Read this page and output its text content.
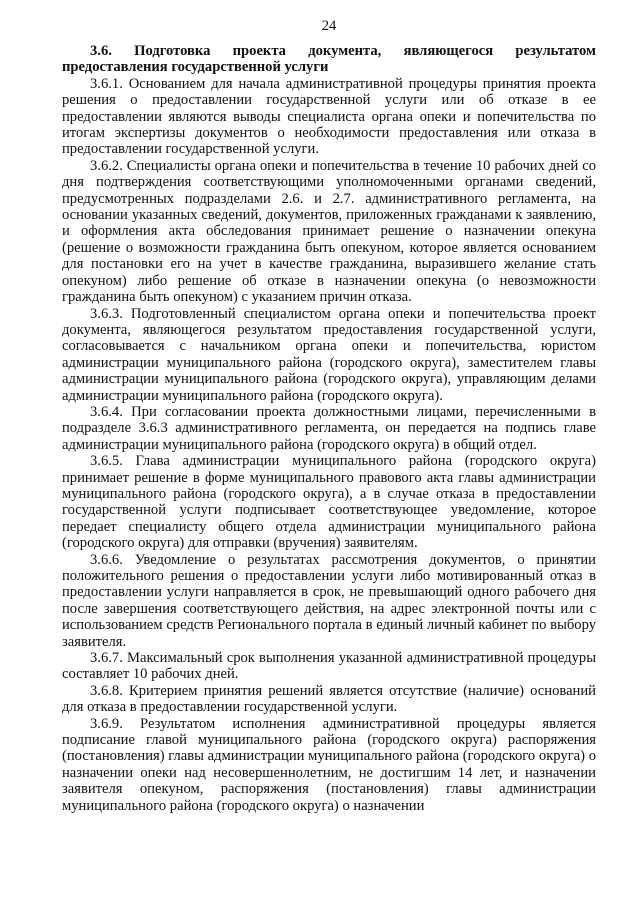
24

3.6. Подготовка проекта документа, являющегося результатом предоставления государственной услуги

3.6.1. Основанием для начала административной процедуры принятия проекта решения о предоставлении государственной услуги или об отказе в ее предоставлении являются выводы специалиста органа опеки и попечительства по итогам экспертизы документов о необходимости предоставления или отказа в предоставлении государственной услуги.

3.6.2. Специалисты органа опеки и попечительства в течение 10 рабочих дней со дня подтверждения соответствующими уполномоченными органами сведений, предусмотренных подразделами 2.6. и 2.7. административного регламента, на основании указанных сведений, документов, приложенных гражданами к заявлению, и оформления акта обследования принимает решение о назначении опекуна (решение о возможности гражданина быть опекуном, которое является основанием для постановки его на учет в качестве гражданина, выразившего желание стать опекуном) либо решение об отказе в назначении опекуна (о невозможности гражданина быть опекуном) с указанием причин отказа.

3.6.3. Подготовленный специалистом органа опеки и попечительства проект документа, являющегося результатом предоставления государственной услуги, согласовывается с начальником органа опеки и попечительства, юристом администрации муниципального района (городского округа), заместителем главы администрации муниципального района (городского округа), управляющим делами администрации муниципального района (городского округа).

3.6.4. При согласовании проекта должностными лицами, перечисленными в подразделе 3.6.3 административного регламента, он передается на подпись главе администрации муниципального района (городского округа) в общий отдел.

3.6.5. Глава администрации муниципального района (городского округа) принимает решение в форме муниципального правового акта главы администрации муниципального района (городского округа), а в случае отказа в предоставлении государственной услуги подписывает соответствующее уведомление, которое передает специалисту общего отдела администрации муниципального района (городского округа) для отправки (вручения) заявителям.

3.6.6. Уведомление о результатах рассмотрения документов, о принятии положительного решения о предоставлении услуги либо мотивированный отказ в предоставлении услуги направляется в срок, не превышающий одного рабочего дня после завершения соответствующего действия, на адрес электронной почты или с использованием средств Регионального портала в единый личный кабинет по выбору заявителя.

3.6.7. Максимальный срок выполнения указанной административной процедуры составляет 10 рабочих дней.

3.6.8. Критерием принятия решений является отсутствие (наличие) оснований для отказа в предоставлении государственной услуги.

3.6.9. Результатом исполнения административной процедуры является подписание главой муниципального района (городского округа) распоряжения (постановления) главы администрации муниципального района (городского округа) о назначении опеки над несовершеннолетним, не достигшим 14 лет, и назначении заявителя опекуном, распоряжения (постановления) главы администрации муниципального района (городского округа) о назначении
